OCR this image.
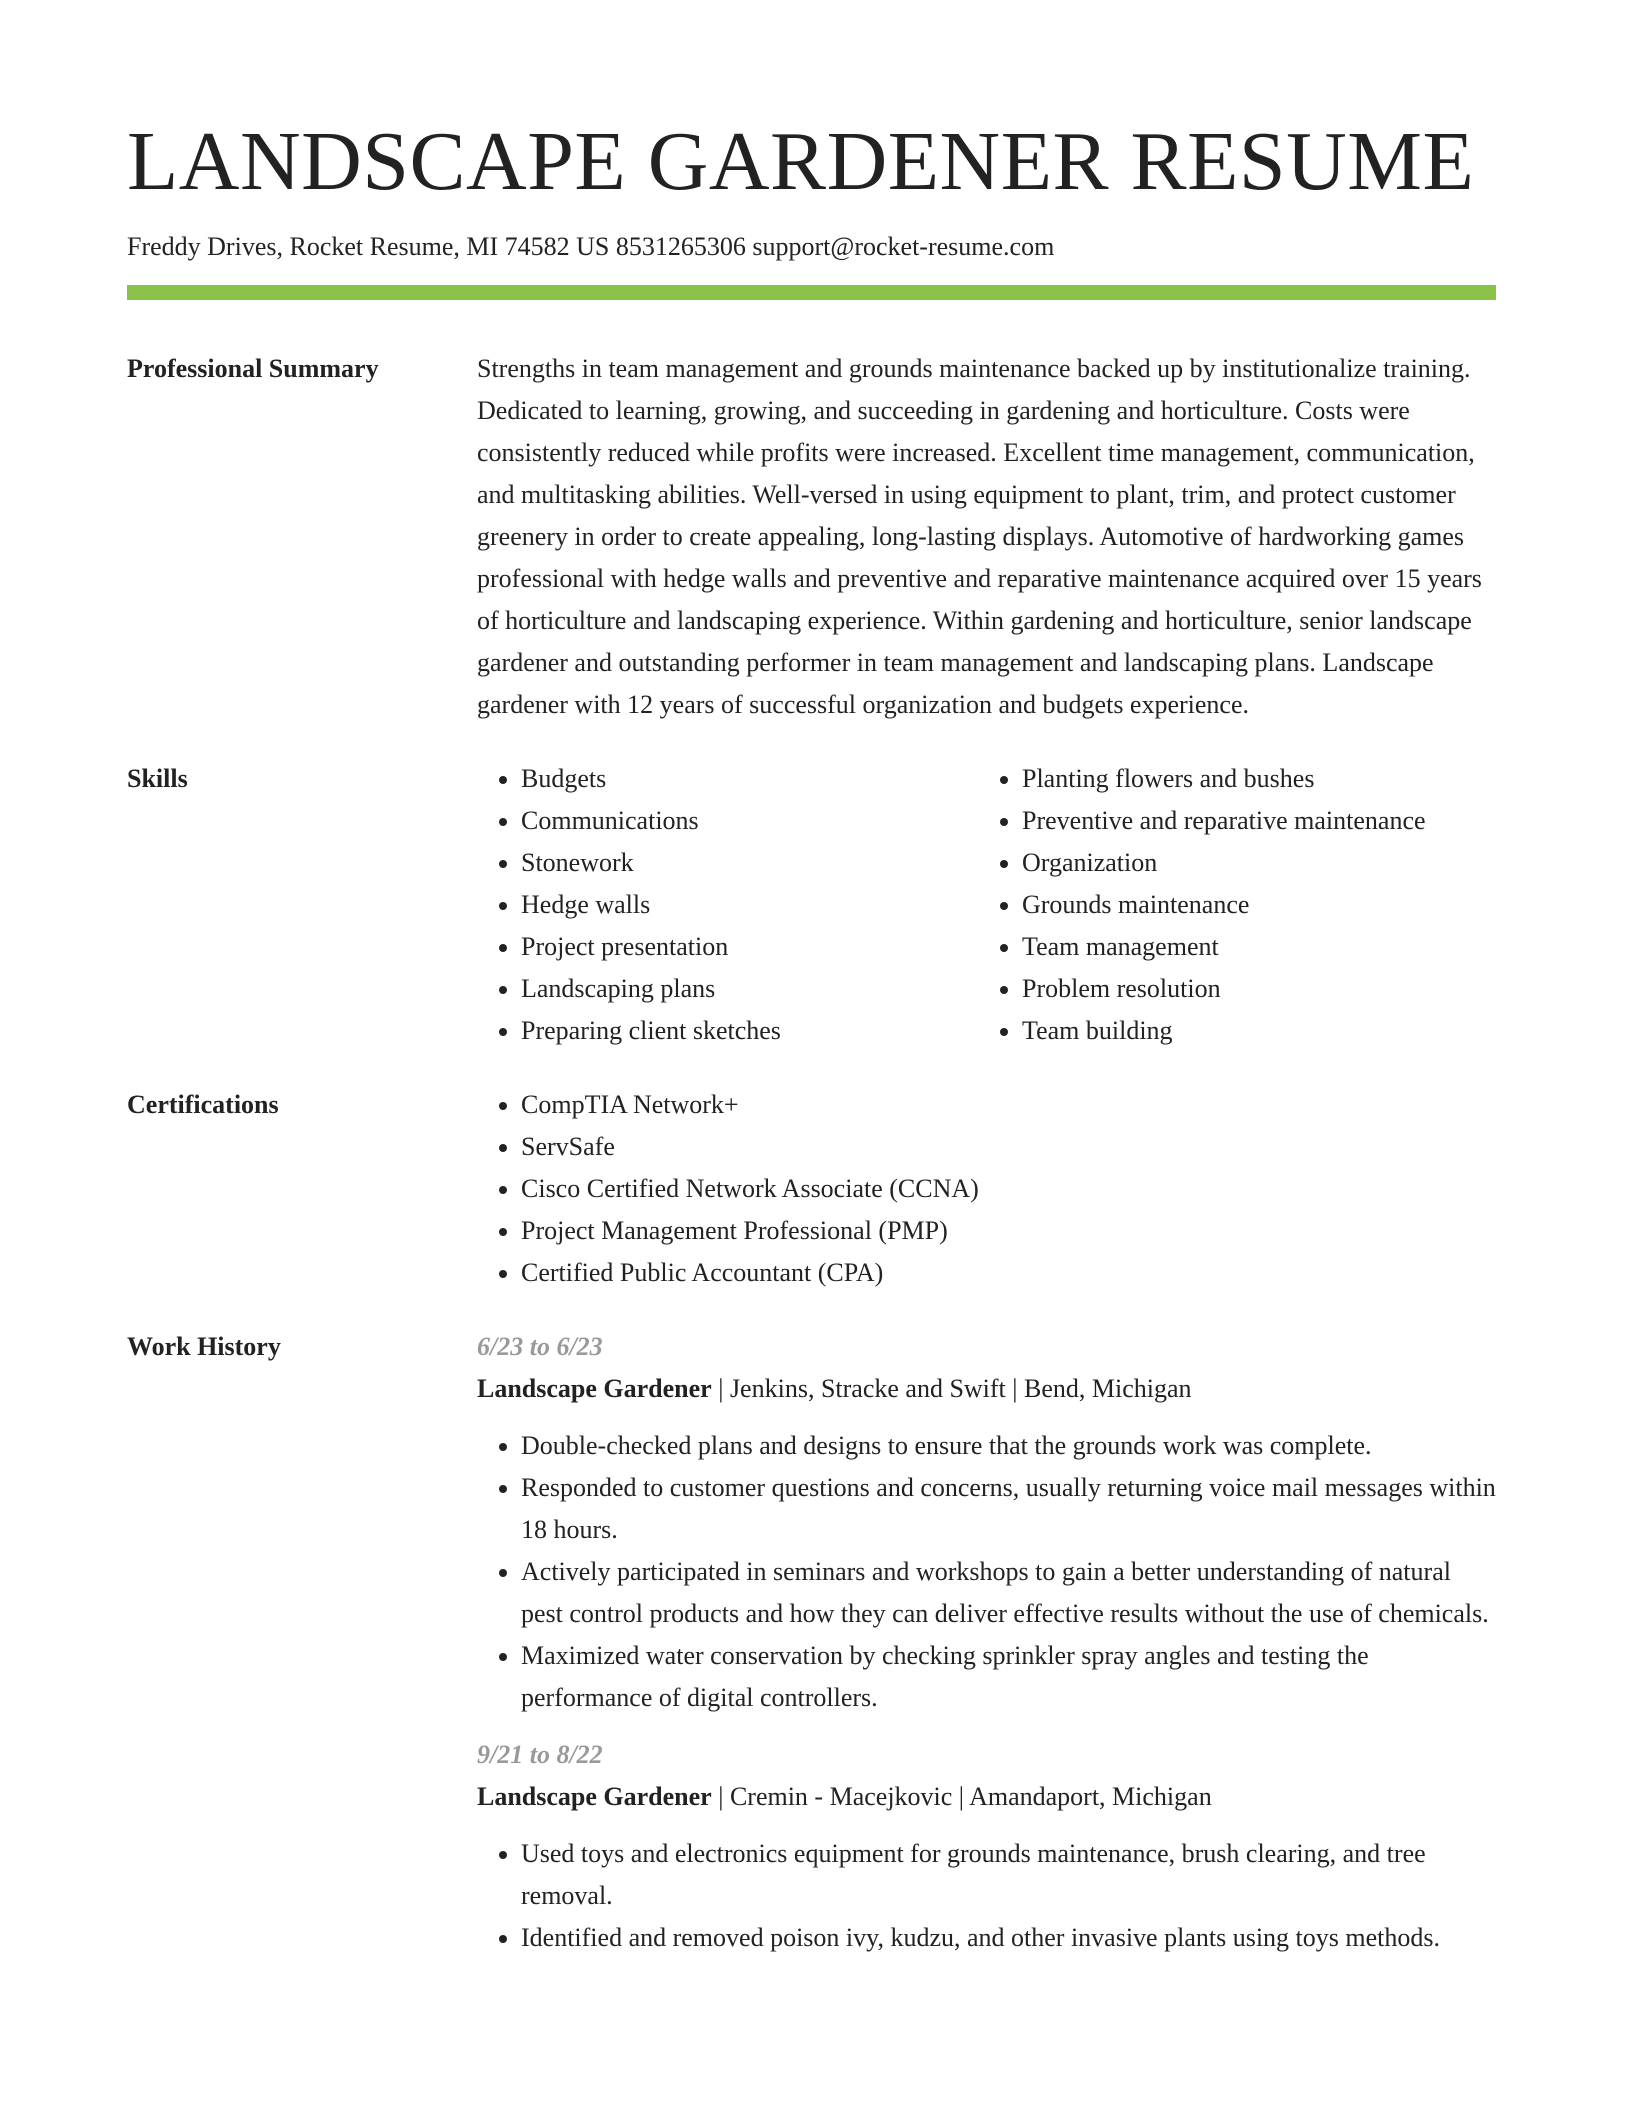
LANDSCAPE GARDENER RESUME
Freddy Drives, Rocket Resume, MI 74582 US 8531265306 support@rocket-resume.com
Professional Summary	Strengths in team management and grounds maintenance backed up by institutionalize training. Dedicated to learning, growing, and succeeding in gardening and horticulture. Costs were consistently reduced while profits were increased. Excellent time management, communication, and multitasking abilities. Well-versed in using equipment to plant, trim, and protect customer greenery in order to create appealing, long-lasting displays. Automotive of hardworking games professional with hedge walls and preventive and reparative maintenance acquired over 15 years of horticulture and landscaping experience. Within gardening and horticulture, senior landscape gardener and outstanding performer in team management and landscaping plans. Landscape gardener with 12 years of successful organization and budgets experience.

Skills	• Budgets
• Communications
• Stonework
• Hedge walls
• Project presentation
• Landscaping plans
• Preparing client sketches
• Planting flowers and bushes
• Preventive and reparative maintenance
• Organization
• Grounds maintenance
• Team management
• Problem resolution
• Team building
Certifications	• CompTIA Network+
• ServSafe
• Cisco Certified Network Associate (CCNA)
• Project Management Professional (PMP)
• Certified Public Accountant (CPA)
Work History	6/23 to 6/23
Landscape Gardener | Jenkins, Stracke and Swift | Bend, Michigan
• Double-checked plans and designs to ensure that the grounds work was complete.
• Responded to customer questions and concerns, usually returning voice mail messages within 18 hours.
• Actively participated in seminars and workshops to gain a better understanding of natural pest control products and how they can deliver effective results without the use of chemicals.
• Maximized water conservation by checking sprinkler spray angles and testing the performance of digital controllers.
9/21 to 8/22
Landscape Gardener | Cremin - Macejkovic | Amandaport, Michigan
• Used toys and electronics equipment for grounds maintenance, brush clearing, and tree removal.
• Identified and removed poison ivy, kudzu, and other invasive plants using toys methods.
